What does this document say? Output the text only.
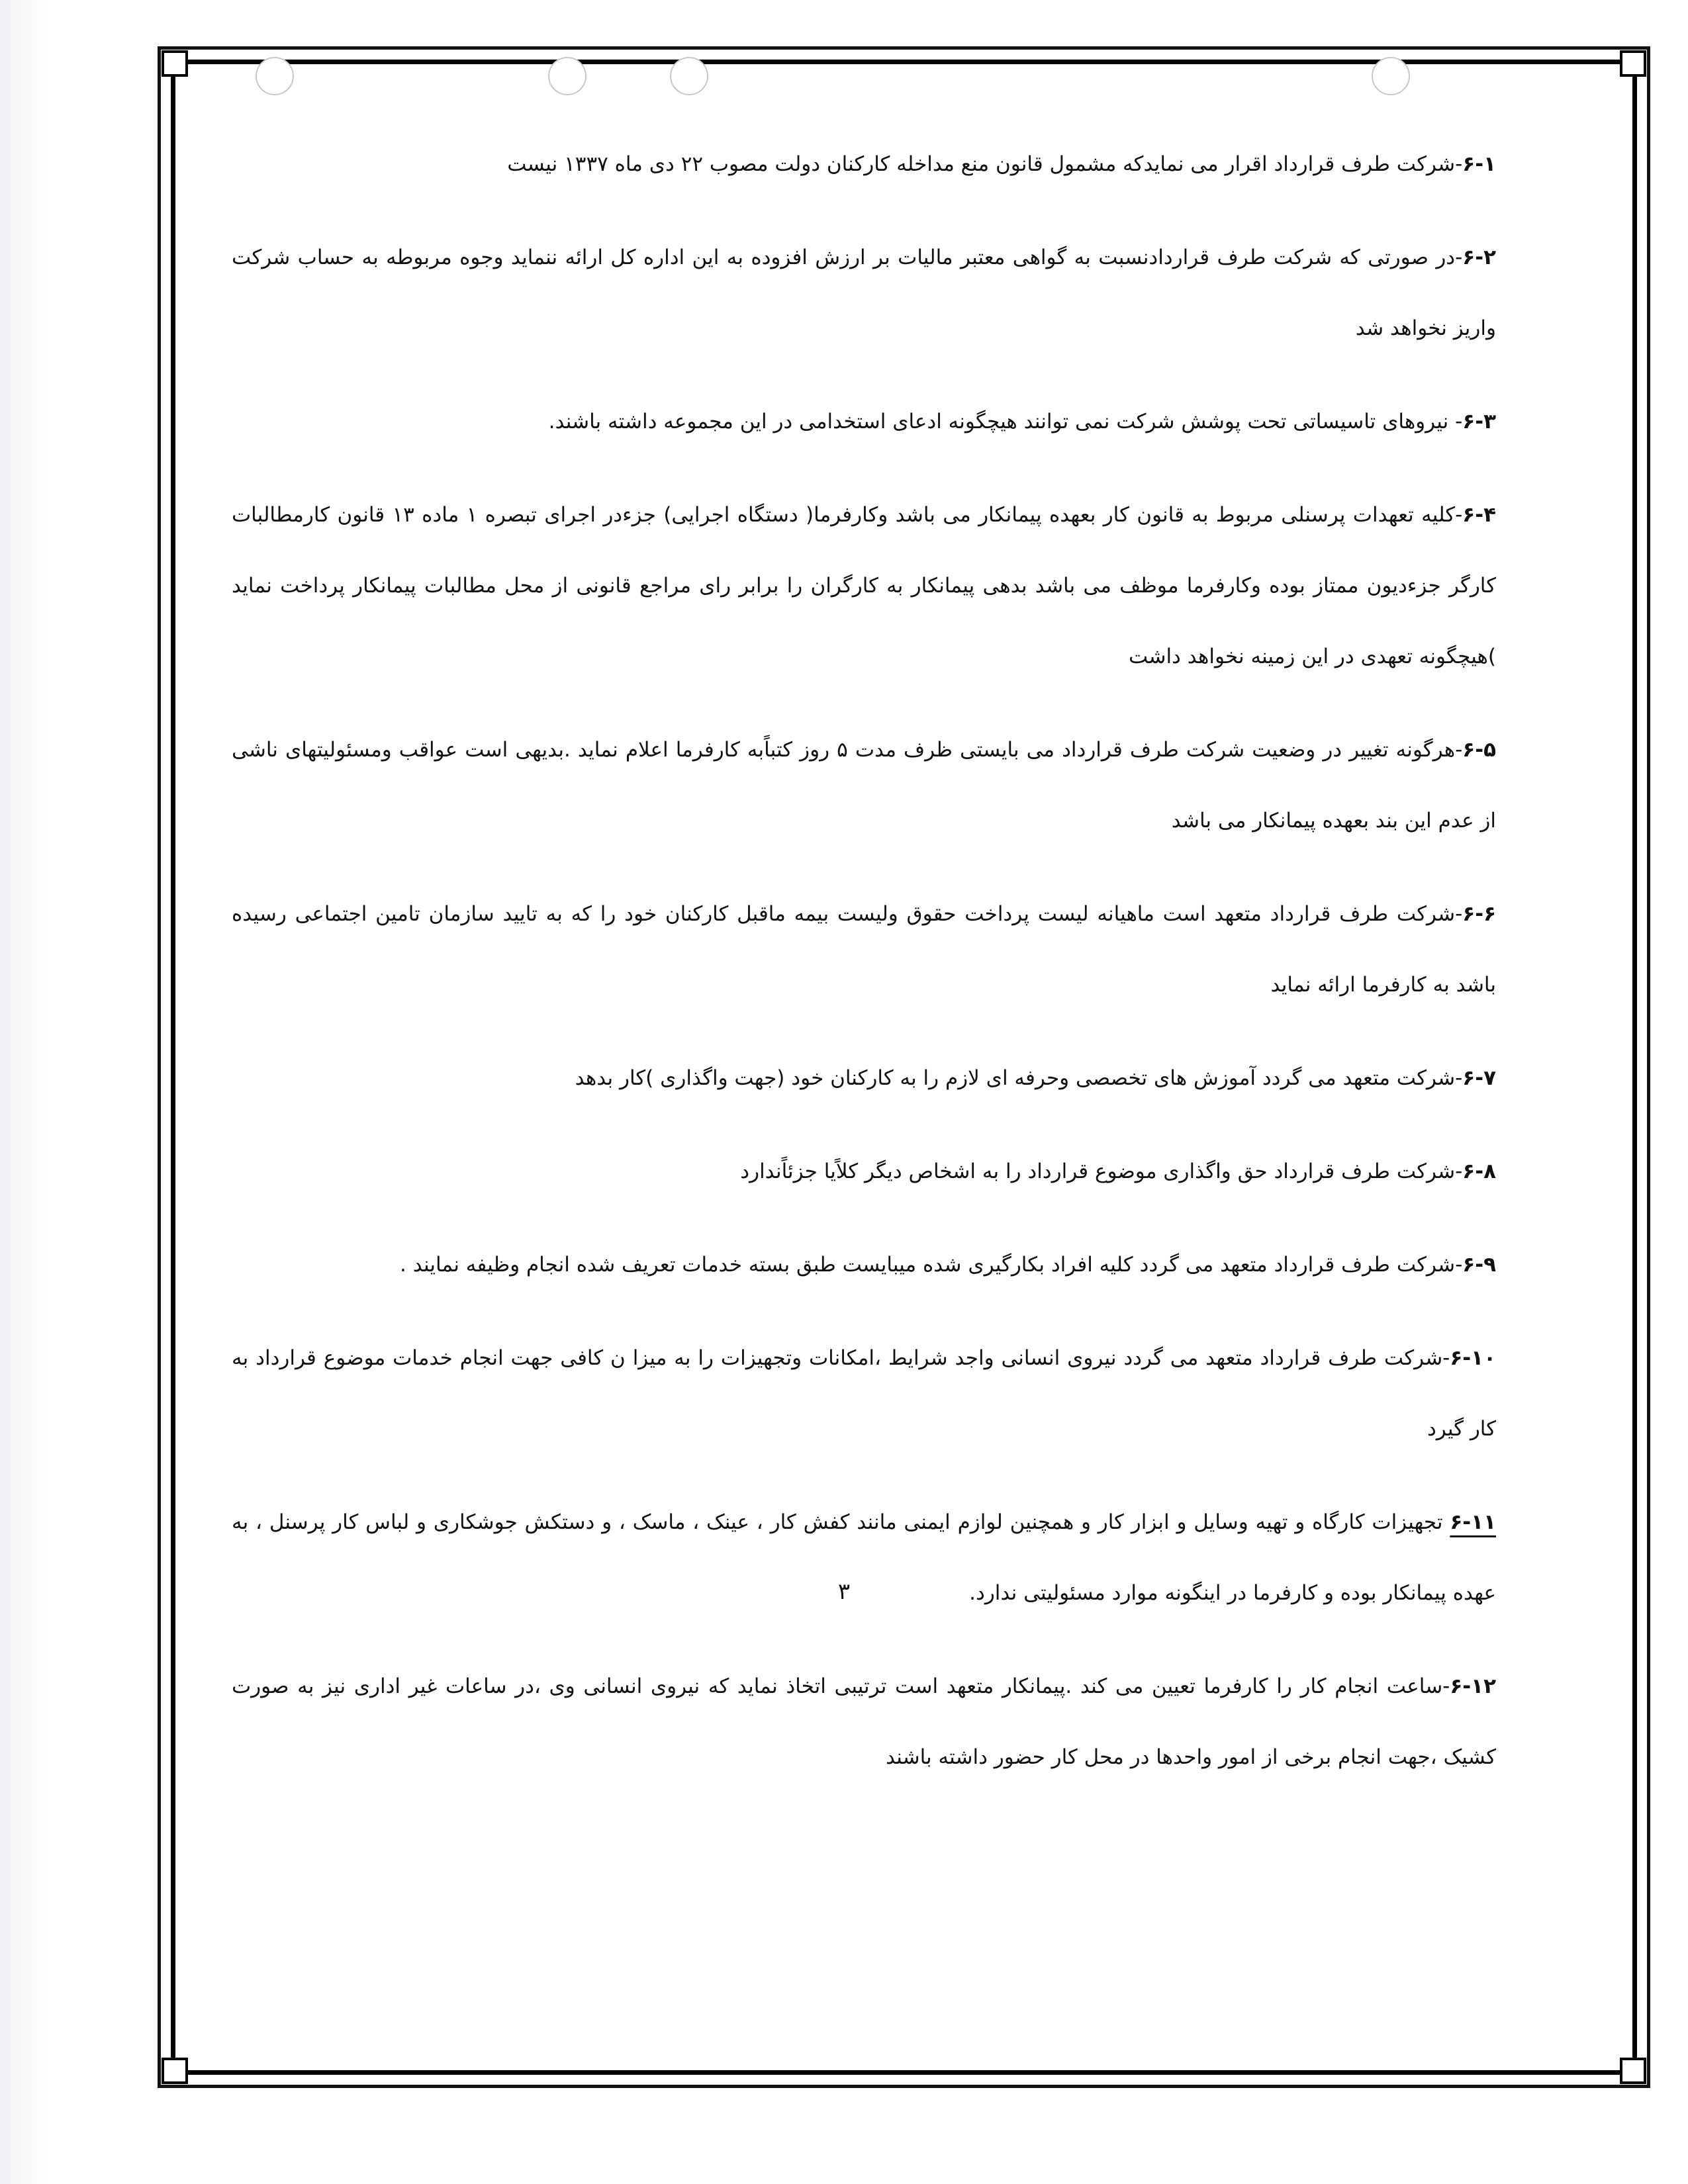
۶-۱-شرکت طرف قرارداد اقرار می نمایدکه مشمول قانون منع مداخله کارکنان دولت مصوب ۲۲ دی ماه ۱۳۳۷ نیست

۶-۲-در صورتی که شرکت طرف قراردادنسبت به گواهی معتبر مالیات بر ارزش افزوده به این اداره کل ارائه ننماید وجوه مربوطه به حساب شرکت واریز نخواهد شد

۶-۳- نیروهای تاسیساتی تحت پوشش شرکت نمی توانند هیچگونه ادعای استخدامی در این مجموعه داشته باشند.

۶-۴-کلیه تعهدات پرسنلی مربوط به قانون کار بعهده پیمانکار می باشد وکارفرما( دستگاه اجرایی) جزءدر اجرای تبصره ۱ ماده ۱۳ قانون کارمطالبات کارگر جزءدیون ممتاز بوده وکارفرما موظف می باشد بدهی پیمانکار به کارگران را برابر رای مراجع قانونی از محل مطالبات پیمانکار پرداخت نماید )هیچگونه تعهدی در این زمینه نخواهد داشت

۶-۵-هرگونه تغییر در وضعیت شرکت طرف قرارداد می بایستی ظرف مدت ۵ روز کتباًبه کارفرما اعلام نماید .بدیهی است عواقب ومسئولیتهای ناشی از عدم این بند بعهده پیمانکار می باشد

۶-۶-شرکت طرف قرارداد متعهد است ماهیانه لیست پرداخت حقوق ولیست بیمه ماقبل کارکنان خود را که به تایید سازمان تامین اجتماعی رسیده باشد به کارفرما ارائه نماید

۶-۷-شرکت متعهد می گردد آموزش های تخصصی وحرفه ای لازم را به کارکنان خود (جهت واگذاری )کار بدهد

۶-۸-شرکت طرف قرارداد حق واگذاری موضوع قرارداد را به اشخاص دیگر کلاًیا جزئاًندارد

۶-۹-شرکت طرف قرارداد متعهد می گردد کلیه افراد بکارگیری شده میبایست طبق بسته خدمات تعریف شده انجام وظیفه نمایند .

۶-۱۰-شرکت طرف قرارداد متعهد می گردد نیروی انسانی واجد شرایط ،امکانات وتجهیزات را به میزا ن کافی جهت انجام خدمات موضوع قرارداد به کار گیرد

۶-۱۱ تجهیزات کارگاه و تهیه وسایل و ابزار کار و همچنین لوازم ایمنی مانند کفش کار ، عینک ، ماسک ، و دستکش جوشکاری و لباس کار پرسنل ، به عهده پیمانکار بوده و کارفرما در اینگونه موارد مسئولیتی ندارد.

۶-۱۲-ساعت انجام کار را کارفرما تعیین می کند .پیمانکار متعهد است ترتیبی اتخاذ نماید که نیروی انسانی وی ،در ساعات غیر اداری نیز به صورت کشیک ،جهت انجام برخی از امور واحدها در محل کار حضور داشته باشند

۳
